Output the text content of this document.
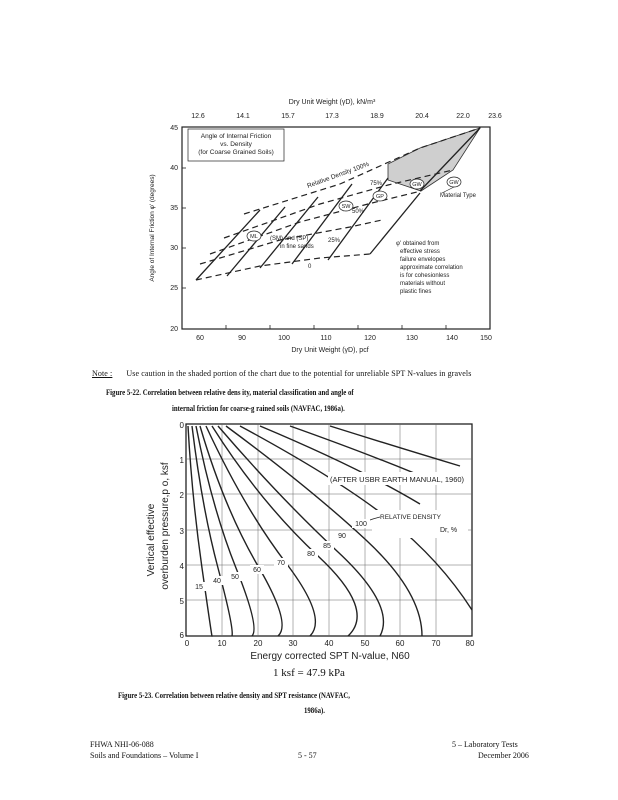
Dry Unit Weight (γD), kN/m³
12.6	14.1	15.7	17.3	18.9	20.4	22.0	23.6
Angle of Internal Friction
vs. Density
(for Coarse Grained Soils)
Relative Density 100% 75%
50%
25%
0
GW
GP
SW
ML
GW
(SM) and (SP)
in fine sands
Material Type
φ' obtained from
effective stress
failure envelopes
approximate correlation
is for cohesionless
materials without
plastic fines
45
40
35
30
25
20
Angle of Internal Friction φ' (degrees)
60	90	100	110	120	130	140	150
Dry Unit Weight (γD), pcf
Note : Use caution in the shaded portion of the chart due to the potential for unreliable SPT N-values in gravels
Figure 5-22. Correlation between relative dens ity, material classification and angle of
internal friction for coarse-g rained soils (NAVFAC, 1986a).
(AFTER USBR EARTH MANUAL, 1960)
RELATIVE DENSITY
Dr, %
15
40
50
60
70
80
85
90
100
0
1
2
3
4
5
6
0	10	20	30	40	50	60	70	80
Energy corrected SPT N-value, N60
Vertical effective overburden pressure,p o, ksf
1 ksf = 47.9 kPa
Figure 5-23. Correlation between relative density and SPT resistance (NAVFAC,
1986a).
FHWA NHI-06-088
Soils and Foundations – Volume I	5 - 57
5 – Laboratory Tests
December 2006
